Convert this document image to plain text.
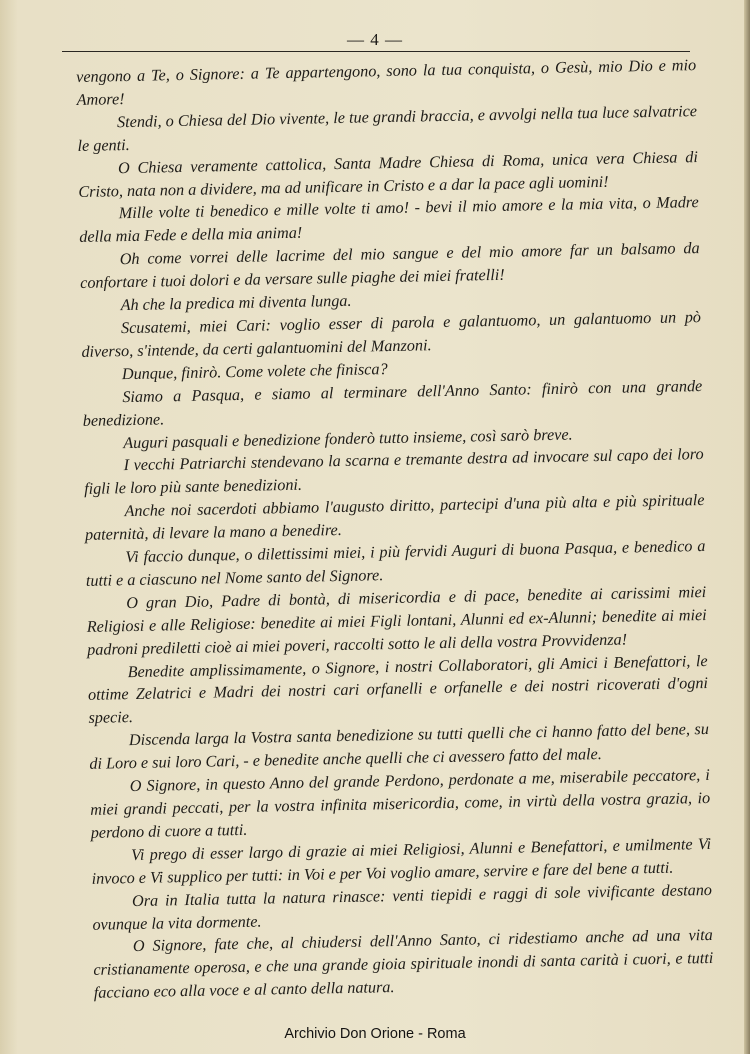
— 4 —

vengono a Te, o Signore: a Te appartengono, sono la tua conquista, o Gesù, mio Dio e mio Amore!

Stendi, o Chiesa del Dio vivente, le tue grandi braccia, e avvolgi nella tua luce salvatrice le genti.

O Chiesa veramente cattolica, Santa Madre Chiesa di Roma, unica vera Chiesa di Cristo, nata non a dividere, ma ad unificare in Cristo e a dar la pace agli uomini!

Mille volte ti benedico e mille volte ti amo! - bevi il mio amore e la mia vita, o Madre della mia Fede e della mia anima!

Oh come vorrei delle lacrime del mio sangue e del mio amore far un balsamo da confortare i tuoi dolori e da versare sulle piaghe dei miei fratelli!

Ah che la predica mi diventa lunga.

Scusatemi, miei Cari: voglio esser di parola e galantuomo, un galantuomo un pò diverso, s'intende, da certi galantuomini del Manzoni.

Dunque, finirò. Come volete che finisca?

Siamo a Pasqua, e siamo al terminare dell'Anno Santo: finirò con una grande benedizione.

Auguri pasquali e benedizione fonderò tutto insieme, così sarò breve.

I vecchi Patriarchi stendevano la scarna e tremante destra ad invocare sul capo dei loro figli le loro più sante benedizioni.

Anche noi sacerdoti abbiamo l'augusto diritto, partecipi d'una più alta e più spirituale paternità, di levare la mano a benedire.

Vi faccio dunque, o dilettissimi miei, i più fervidi Auguri di buona Pasqua, e benedico a tutti e a ciascuno nel Nome santo del Signore.

O gran Dio, Padre di bontà, di misericordia e di pace, benedite ai carissimi miei Religiosi e alle Religiose: benedite ai miei Figli lontani, Alunni ed ex-Alunni; benedite ai miei padroni prediletti cioè ai miei poveri, raccolti sotto le ali della vostra Provvidenza!

Benedite amplissimamente, o Signore, i nostri Collaboratori, gli Amici i Benefattori, le ottime Zelatrici e Madri dei nostri cari orfanelli e orfanelle e dei nostri ricoverati d'ogni specie.

Discenda larga la Vostra santa benedizione su tutti quelli che ci hanno fatto del bene, su di Loro e sui loro Cari, - e benedite anche quelli che ci avessero fatto del male.

O Signore, in questo Anno del grande Perdono, perdonate a me, miserabile peccatore, i miei grandi peccati, per la vostra infinita misericordia, come, in virtù della vostra grazia, io perdono di cuore a tutti.

Vi prego di esser largo di grazie ai miei Religiosi, Alunni e Benefattori, e umilmente Vi invoco e Vi supplico per tutti: in Voi e per Voi voglio amare, servire e fare del bene a tutti.

Ora in Italia tutta la natura rinasce: venti tiepidi e raggi di sole vivificante destano ovunque la vita dormente.

O Signore, fate che, al chiudersi dell'Anno Santo, ci ridestiamo anche ad una vita cristianamente operosa, e che una grande gioia spirituale inondi di santa carità i cuori, e tutti facciano eco alla voce e al canto della natura.

Archivio Don Orione - Roma
